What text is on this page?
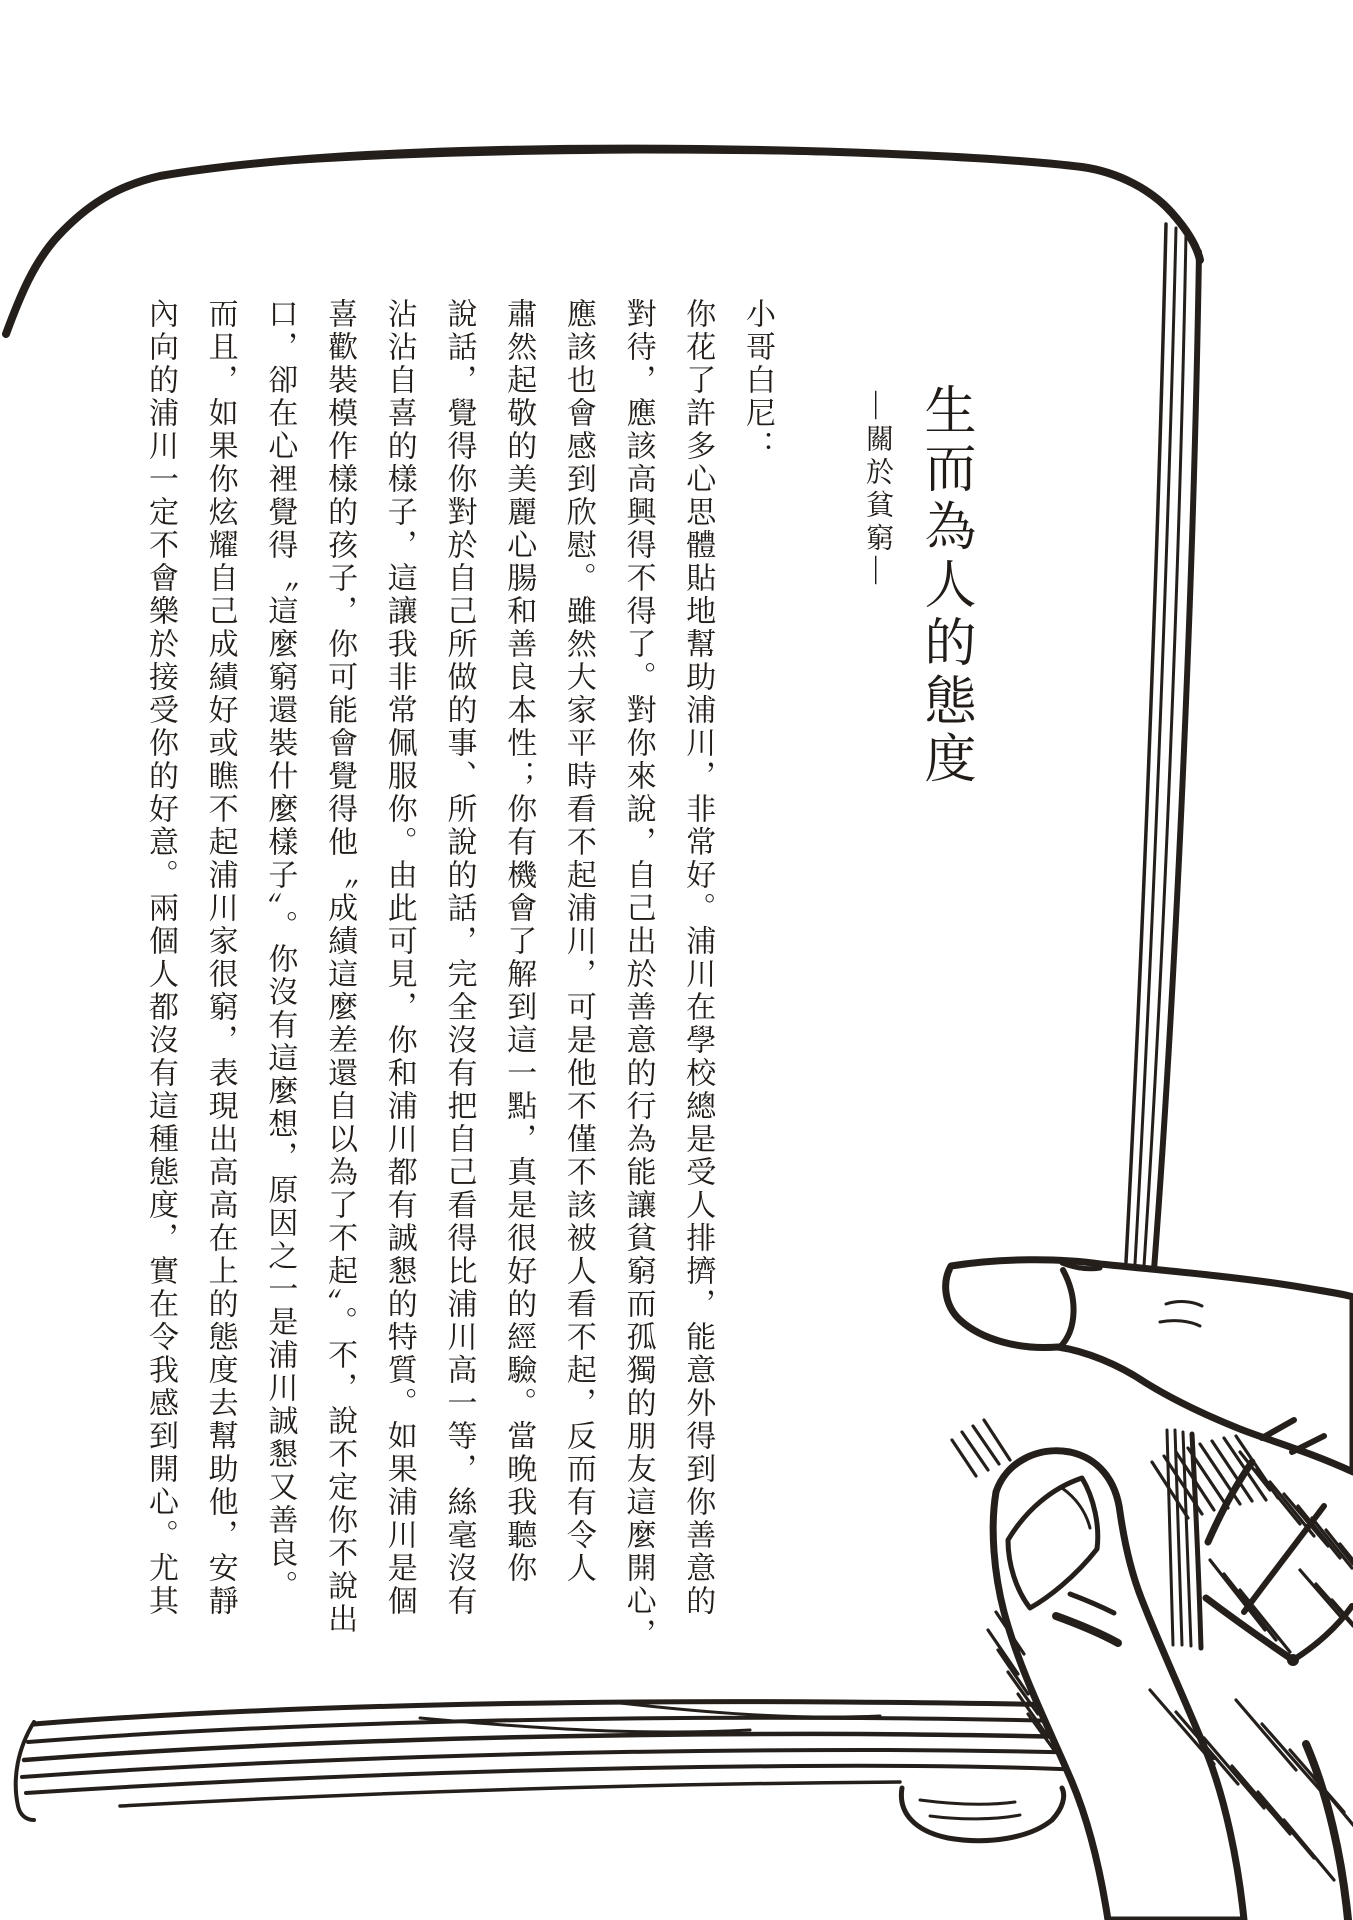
生而為人的態度
—關於貧窮—

小哥白尼：

你花了許多心思體貼地幫助浦川，非常好。浦川在學校總是受人排擠，能意外得到你善意的

對待，應該高興得不得了。對你來說，自己出於善意的行為能讓貧窮而孤獨的朋友這麼開心，

應該也會感到欣慰。雖然大家平時看不起浦川，可是他不僅不該被人看不起，反而有令人

肅然起敬的美麗心腸和善良本性；你有機會了解到這一點，真是很好的經驗。當晚我聽你

說話，覺得你對於自己所做的事、所說的話，完全沒有把自己看得比浦川高一等，絲毫沒有

沾沾自喜的樣子，這讓我非常佩服你。由此可見，你和浦川都有誠懇的特質。如果浦川是個

喜歡裝模作樣的孩子，你可能會覺得他〝成績這麼差還自以為了不起〞。不，說不定你不說出

口，卻在心裡覺得〝這麼窮還裝什麼樣子〞。你沒有這麼想，原因之一是浦川誠懇又善良。

而且，如果你炫耀自己成績好或瞧不起浦川家很窮，表現出高高在上的態度去幫助他，安靜

內向的浦川一定不會樂於接受你的好意。兩個人都沒有這種態度，實在令我感到開心。尤其
